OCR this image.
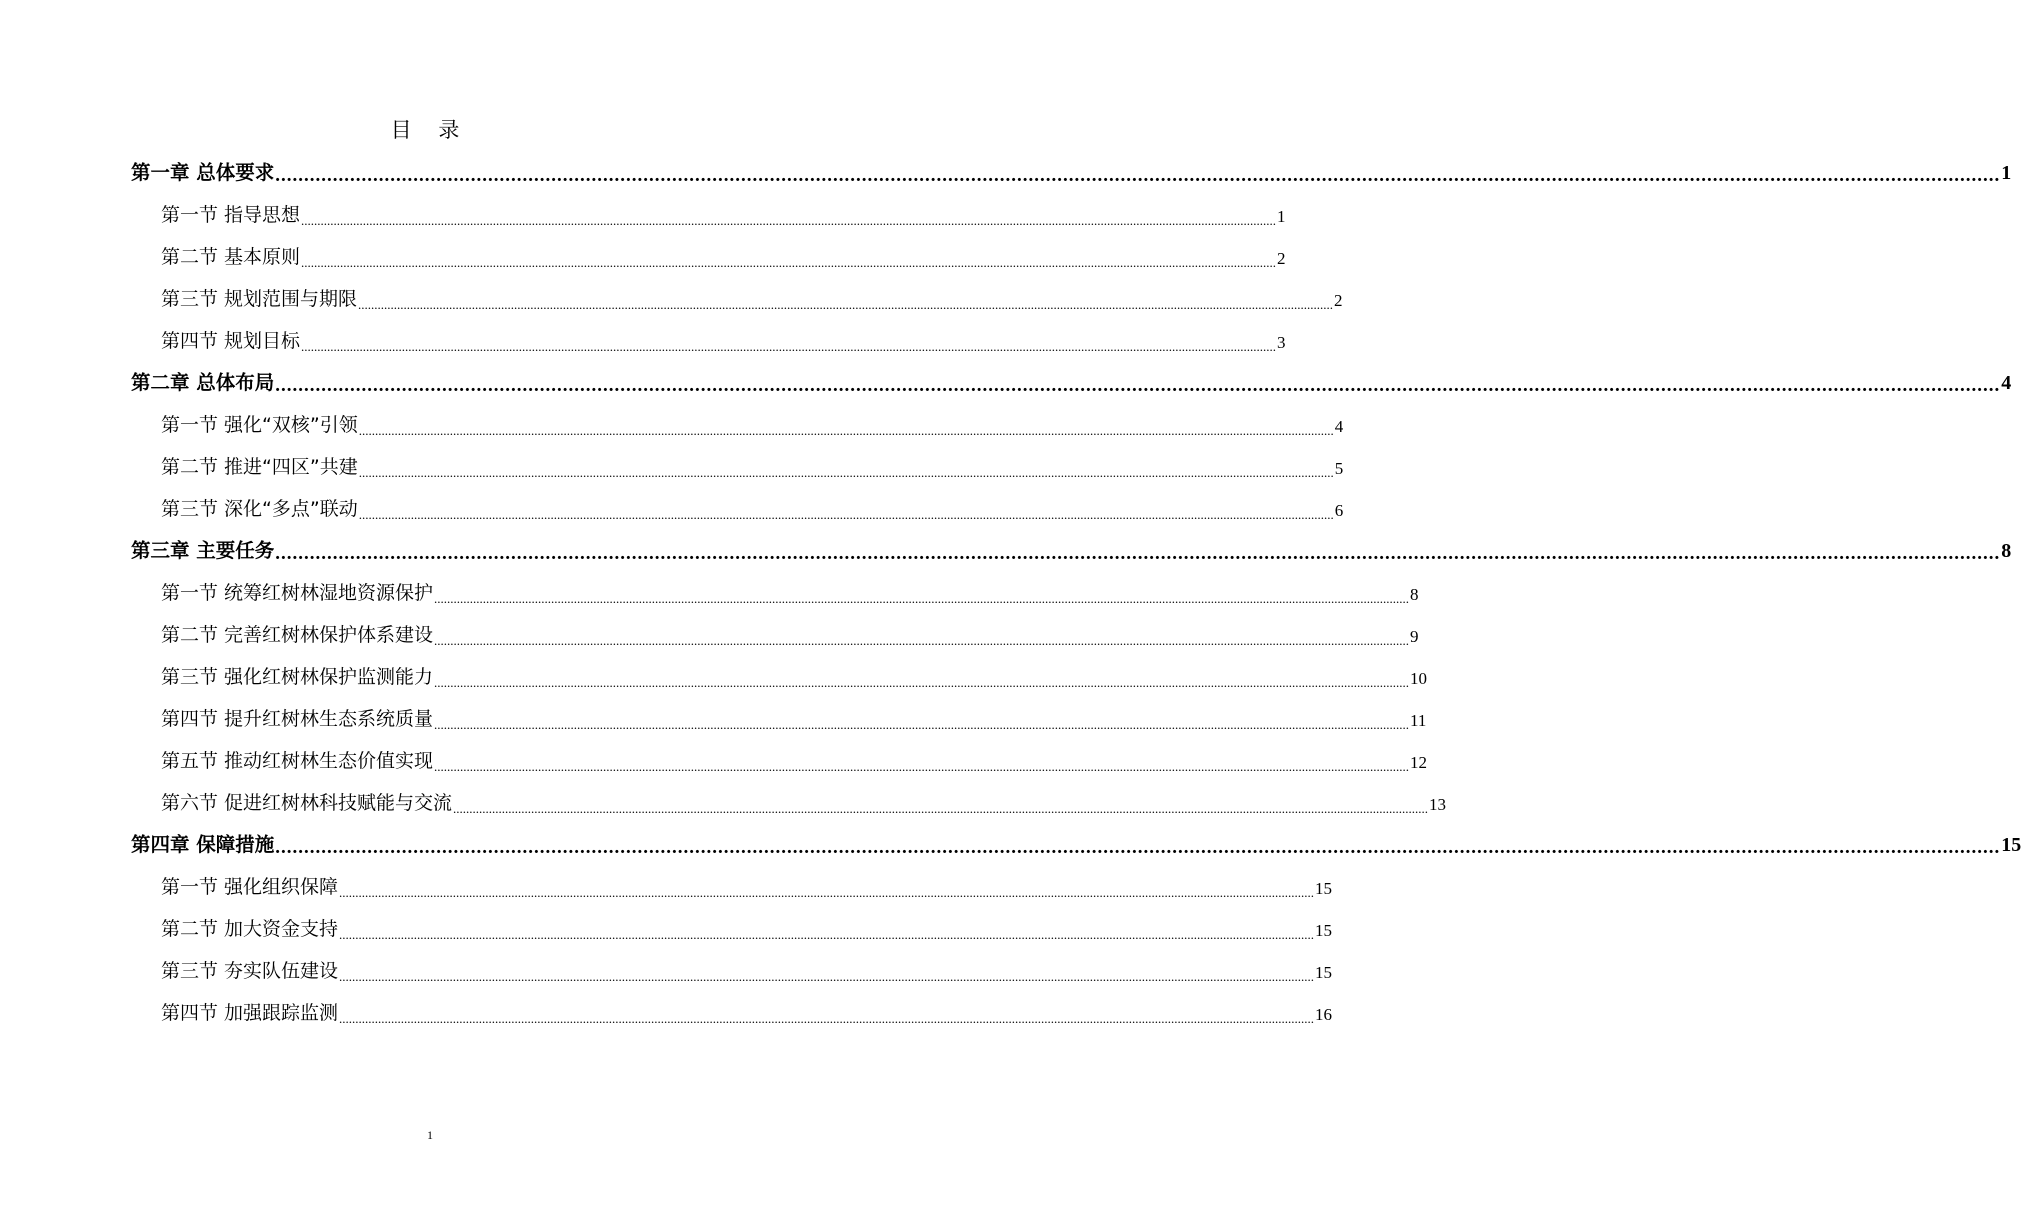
目 录
第一章 总体要求 ............................................................................................................................................................................................................................................................................................................ 1
第一节 指导思想 ............................................................................................................................................................................................................................................................................................................ 1
第二节 基本原则 ............................................................................................................................................................................................................................................................................................................ 2
第三节 规划范围与期限 ............................................................................................................................................................................................................................................................................................................ 2
第四节 规划目标 ............................................................................................................................................................................................................................................................................................................ 3
第二章 总体布局 ............................................................................................................................................................................................................................................................................................................ 4
第一节 强化“双核”引领 ............................................................................................................................................................................................................................................................................................................ 4
第二节 推进“四区”共建 ............................................................................................................................................................................................................................................................................................................ 5
第三节 深化“多点”联动 ............................................................................................................................................................................................................................................................................................................ 6
第三章 主要任务 ............................................................................................................................................................................................................................................................................................................ 8
第一节 统筹红树林湿地资源保护 ............................................................................................................................................................................................................................................................................................................ 8
第二节 完善红树林保护体系建设 ............................................................................................................................................................................................................................................................................................................ 9
第三节 强化红树林保护监测能力 ............................................................................................................................................................................................................................................................................................................ 10
第四节 提升红树林生态系统质量 ............................................................................................................................................................................................................................................................................................................ 11
第五节 推动红树林生态价值实现 ............................................................................................................................................................................................................................................................................................................ 12
第六节 促进红树林科技赋能与交流 ............................................................................................................................................................................................................................................................................................................ 13
第四章 保障措施 ............................................................................................................................................................................................................................................................................................................ 15
第一节 强化组织保障 ............................................................................................................................................................................................................................................................................................................ 15
第二节 加大资金支持 ............................................................................................................................................................................................................................................................................................................ 15
第三节 夯实队伍建设 ............................................................................................................................................................................................................................................................................................................ 15
第四节 加强跟踪监测 ............................................................................................................................................................................................................................................................................................................ 16
1
